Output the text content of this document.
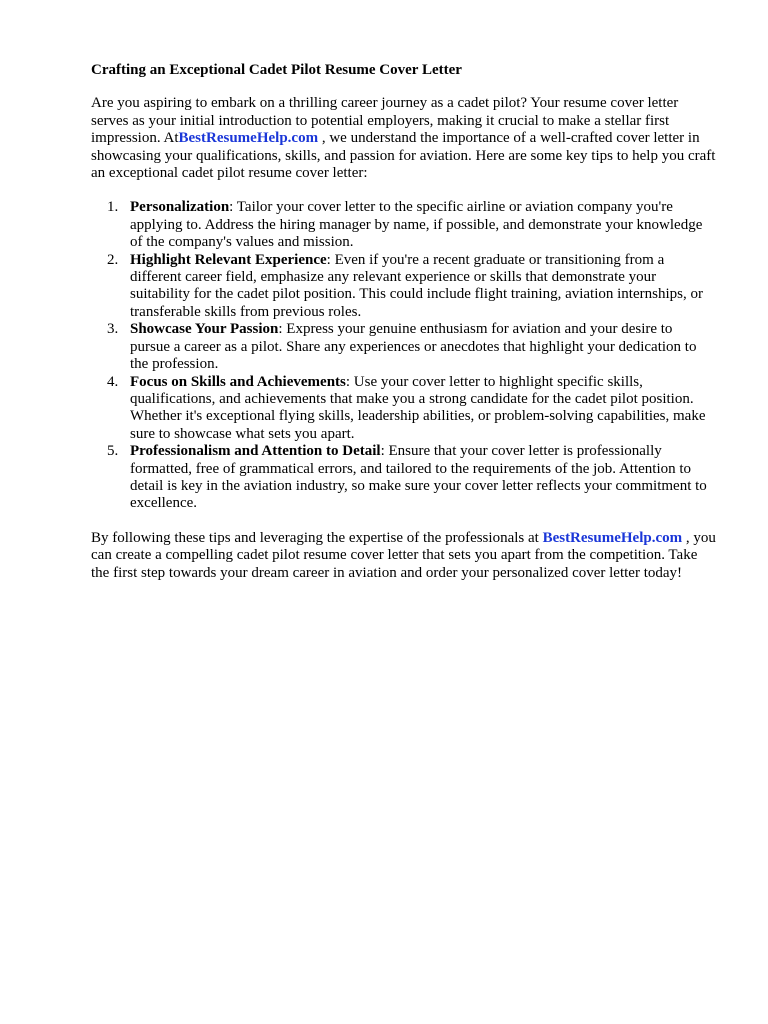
Crafting an Exceptional Cadet Pilot Resume Cover Letter

Are you aspiring to embark on a thrilling career journey as a cadet pilot? Your resume cover letter serves as your initial introduction to potential employers, making it crucial to make a stellar first impression. AtBestResumeHelp.com , we understand the importance of a well-crafted cover letter in showcasing your qualifications, skills, and passion for aviation. Here are some key tips to help you craft an exceptional cadet pilot resume cover letter:

1. Personalization: Tailor your cover letter to the specific airline or aviation company you're applying to. Address the hiring manager by name, if possible, and demonstrate your knowledge of the company's values and mission.
2. Highlight Relevant Experience: Even if you're a recent graduate or transitioning from a different career field, emphasize any relevant experience or skills that demonstrate your suitability for the cadet pilot position. This could include flight training, aviation internships, or transferable skills from previous roles.
3. Showcase Your Passion: Express your genuine enthusiasm for aviation and your desire to pursue a career as a pilot. Share any experiences or anecdotes that highlight your dedication to the profession.
4. Focus on Skills and Achievements: Use your cover letter to highlight specific skills, qualifications, and achievements that make you a strong candidate for the cadet pilot position. Whether it's exceptional flying skills, leadership abilities, or problem-solving capabilities, make sure to showcase what sets you apart.
5. Professionalism and Attention to Detail: Ensure that your cover letter is professionally formatted, free of grammatical errors, and tailored to the requirements of the job. Attention to detail is key in the aviation industry, so make sure your cover letter reflects your commitment to excellence.

By following these tips and leveraging the expertise of the professionals at BestResumeHelp.com , you can create a compelling cadet pilot resume cover letter that sets you apart from the competition. Take the first step towards your dream career in aviation and order your personalized cover letter today!
